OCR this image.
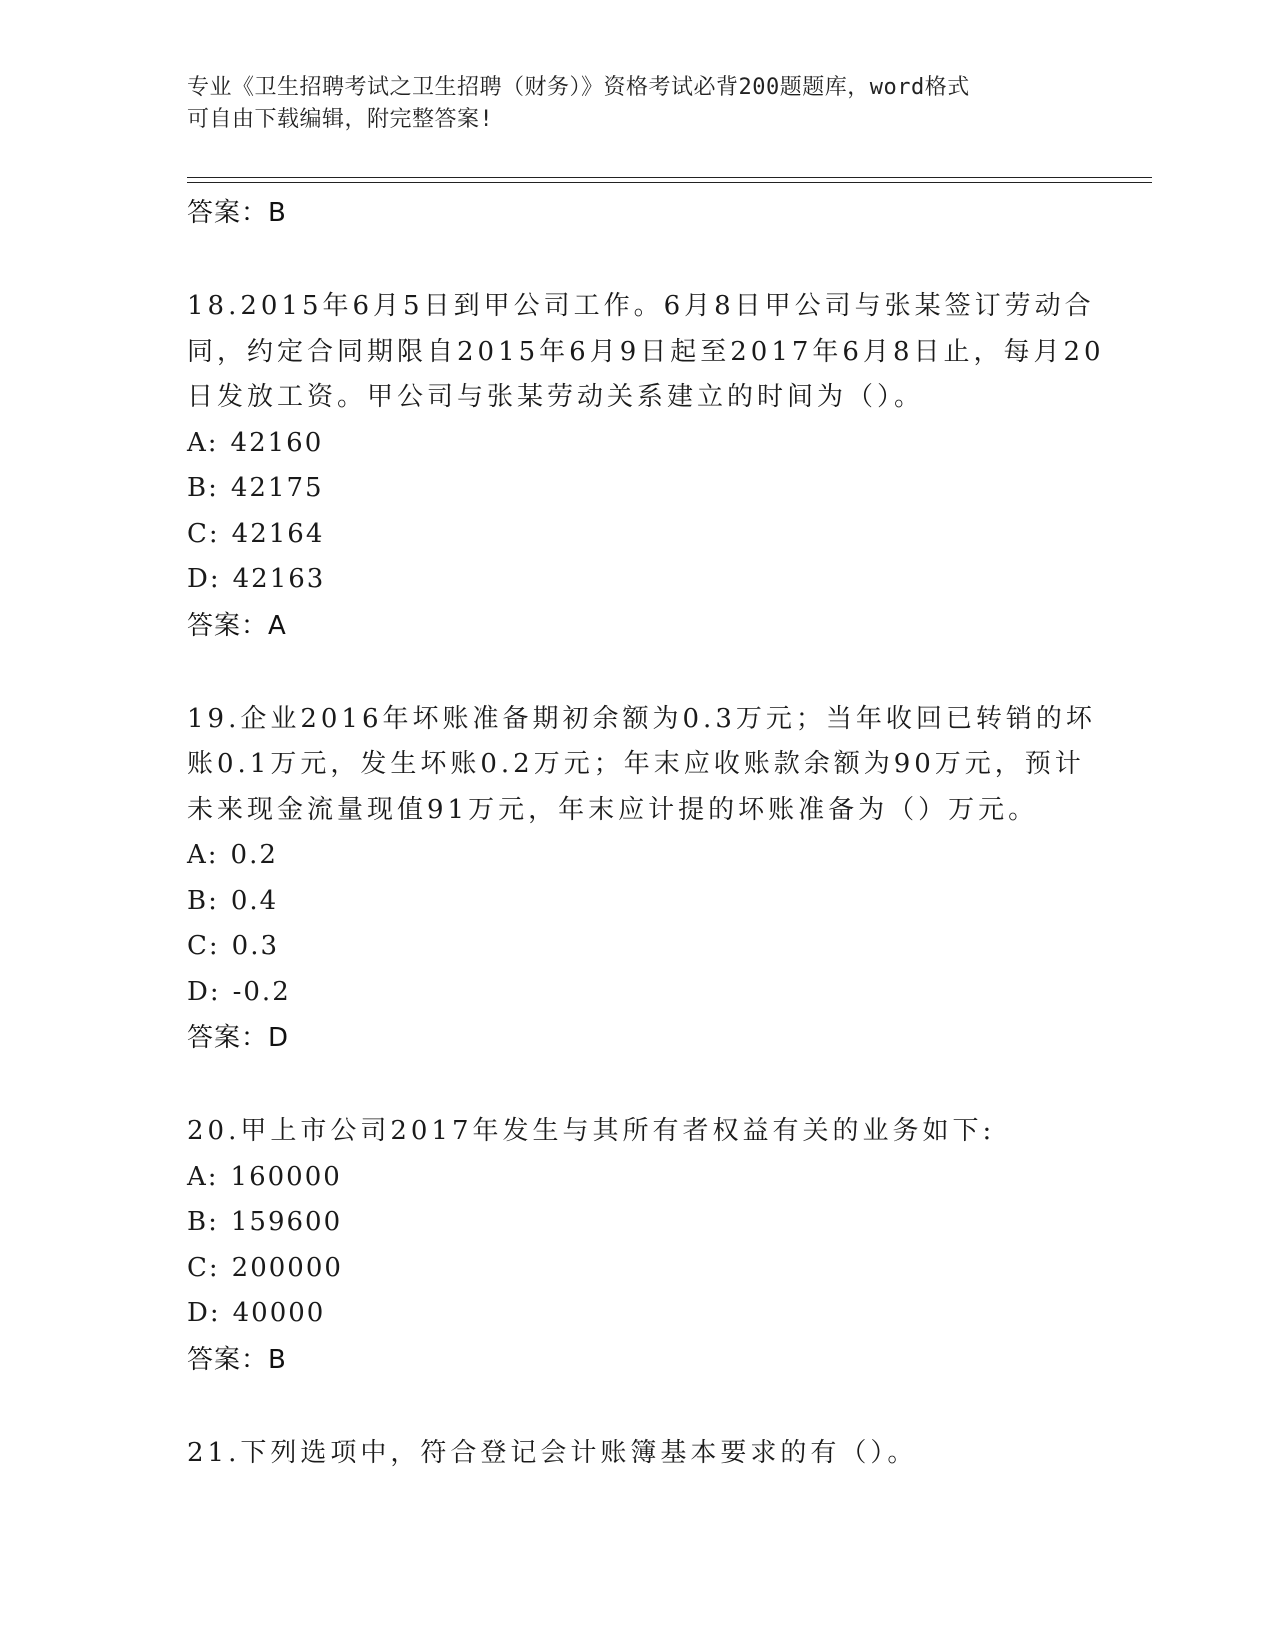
专业《卫生招聘考试之卫生招聘（财务）》资格考试必背200题题库，word格式
可自由下载编辑，附完整答案!
答案：B
18.2015年6月5日到甲公司工作。6月8日甲公司与张某签订劳动合同，约定合同期限自2015年6月9日起至2017年6月8日止，每月20日发放工资。甲公司与张某劳动关系建立的时间为（）。
A: 42160
B: 42175
C: 42164
D: 42163
答案：A
19.企业2016年坏账准备期初余额为0.3万元；当年收回已转销的坏账0.1万元，发生坏账0.2万元；年末应收账款余额为90万元，预计未来现金流量现值91万元，年末应计提的坏账准备为（）万元。
A: 0.2
B: 0.4
C: 0.3
D: -0.2
答案：D
20.甲上市公司2017年发生与其所有者权益有关的业务如下:
A: 160000
B: 159600
C: 200000
D: 40000
答案：B
21.下列选项中，符合登记会计账簿基本要求的有（）。
